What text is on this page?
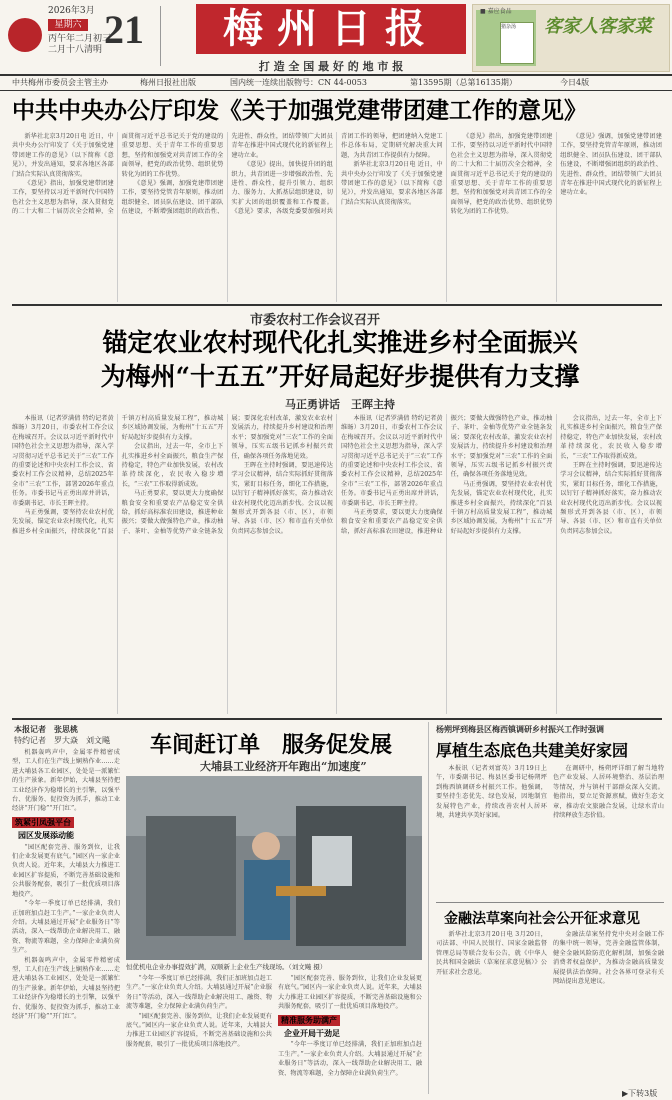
2026年3月
星期六
丙午年二月初三
二月十八清明 21	梅州日报
打 造 全 国 最 好 的 地 市 报
■ 嘉应食品
猪杂汤	客家人客家菜
中共梅州市委员会主管主办	梅州日报社出版	国内统一连续出版物号：CN 44-0053	第13595期（总第16135期）	今日4版
中共中央办公厅印发《关于加强党建带团建工作的意见》

新华社北京3月20日电 近日，中共中央办公厅印发了《关于加强党建带团建工作的意见》（以下简称《意见》），并发出通知，要求各地区各部门结合实际认真贯彻落实。

《意见》指出，加强党建带团建工作，要坚持以习近平新时代中国特色社会主义思想为指导，深入贯彻党的二十大和二十届历次全会精神，全面贯彻习近平总书记关于党的建设的重要思想、关于青年工作的重要思想，坚持和加强党对共青团工作的全面领导，把党的政治优势、组织优势转化为团的工作优势。

《意见》强调，加强党建带团建工作，要坚持党管青年原则，推动团组织健全、团员队伍建设、团干部队伍建设，不断增强团组织的政治性、先进性、群众性，团结带领广大团员青年在推进中国式现代化的新征程上建功立业。

《意见》提出，加快提升团的组织力，共青团进一步增强政治性、先进性、群众性，提升引领力、组织力、服务力、大抓基层组织建设，切实扩大团的组织覆盖和工作覆盖。《意见》要求，各级党委要加强对共青团工作的领导，把团建纳入党建工作总体布局，定期研究解决重大问题，为共青团工作提供有力保障。

新华社北京3月20日电 近日，中共中央办公厅印发了《关于加强党建带团建工作的意见》（以下简称《意见》），并发出通知，要求各地区各部门结合实际认真贯彻落实。

《意见》指出，加强党建带团建工作，要坚持以习近平新时代中国特色社会主义思想为指导，深入贯彻党的二十大和二十届历次全会精神，全面贯彻习近平总书记关于党的建设的重要思想、关于青年工作的重要思想，坚持和加强党对共青团工作的全面领导，把党的政治优势、组织优势转化为团的工作优势。

《意见》强调，加强党建带团建工作，要坚持党管青年原则，推动团组织健全、团员队伍建设、团干部队伍建设，不断增强团组织的政治性、先进性、群众性，团结带领广大团员青年在推进中国式现代化的新征程上建功立业。

市委农村工作会议召开
锚定农业农村现代化扎实推进乡村全面振兴
为梅州“十五五”开好局起好步提供有力支撑
马正勇讲话　王晖主持

本报讯（记者罗满倩 特约记者黄维旸）3月20日，市委农村工作会议在梅城召开。会议以习近平新时代中国特色社会主义思想为指导，深入学习贯彻习近平总书记关于“三农”工作的重要论述和中央农村工作会议、省委农村工作会议精神，总结2025年全市“三农”工作，部署2026年重点任务。市委书记马正勇出席并讲话，市委副书记、市长王晖主持。

马正勇强调，要坚持农业农村优先发展，锚定农业农村现代化，扎实推进乡村全面振兴，持续深化“百县千镇万村高质量发展工程”，推动城乡区域协调发展，为梅州“十五五”开好局起好步提供有力支撑。

会议指出，过去一年，全市上下扎实推进乡村全面振兴，粮食生产保持稳定，特色产业加快发展，农村改革持续深化，农民收入稳步增长，“三农”工作取得新成效。

马正勇要求，要以更大力度确保粮食安全和重要农产品稳定安全供给，抓好高标准农田建设，推进种业振兴；要做大做强特色产业，推动柚子、茶叶、金柚等优势产业全链条发展；要深化农村改革，激发农业农村发展活力，持续提升乡村建设和治理水平；要加强党对“三农”工作的全面领导，压实五级书记抓乡村振兴责任，确保各项任务落地见效。

王晖在主持时强调，要迅速传达学习会议精神，结合实际抓好贯彻落实，紧盯目标任务，细化工作措施，以钉钉子精神抓好落实，奋力推动农业农村现代化迈出新步伐。会议以视频形式开到各县（市、区），市领导、各县（市、区）和市直有关单位负责同志参加会议。

本报讯（记者罗满倩 特约记者黄维旸）3月20日，市委农村工作会议在梅城召开。会议以习近平新时代中国特色社会主义思想为指导，深入学习贯彻习近平总书记关于“三农”工作的重要论述和中央农村工作会议、省委农村工作会议精神，总结2025年全市“三农”工作，部署2026年重点任务。市委书记马正勇出席并讲话，市委副书记、市长王晖主持。

马正勇要求，要以更大力度确保粮食安全和重要农产品稳定安全供给，抓好高标准农田建设，推进种业振兴；要做大做强特色产业，推动柚子、茶叶、金柚等优势产业全链条发展；要深化农村改革，激发农业农村发展活力，持续提升乡村建设和治理水平；要加强党对“三农”工作的全面领导，压实五级书记抓乡村振兴责任，确保各项任务落地见效。

马正勇强调，要坚持农业农村优先发展，锚定农业农村现代化，扎实推进乡村全面振兴，持续深化“百县千镇万村高质量发展工程”，推动城乡区域协调发展，为梅州“十五五”开好局起好步提供有力支撑。

会议指出，过去一年，全市上下扎实推进乡村全面振兴，粮食生产保持稳定，特色产业加快发展，农村改革持续深化，农民收入稳步增长，“三农”工作取得新成效。

王晖在主持时强调，要迅速传达学习会议精神，结合实际抓好贯彻落实，紧盯目标任务，细化工作措施，以钉钉子精神抓好落实，奋力推动农业农村现代化迈出新步伐。会议以视频形式开到各县（市、区），市领导、各县（市、区）和市直有关单位负责同志参加会议。

本报记者　张思桃
特约记者　罗大焱　刘文飚 车间赶订单　服务促发展
大埔县工业经济开年跑出“加速度”

机器轰鸣声中，金属零件精密成型，工人们在生产线上娴熟作业……走进大埔县各工业园区，处处是一派繁忙的生产景象。新年伊始，大埔县坚持把工业经济作为稳增长的主引擎，以强平台、优服务、促投资为抓手，推动工业经济“开门稳”“开门红”。

筑紧引凤强平台
园区发展添动能

“园区配套完善、服务到位，让我们企业发展更有底气。”园区内一家企业负责人说。近年来，大埔县大力推进工业园区扩容提质，不断完善基础设施和公共服务配套，吸引了一批优质项目落地投产。

“今年一季度订单已经排满，我们正加班加点赶工生产。”一家企业负责人介绍。大埔县通过开展“企业服务日”等活动，深入一线帮助企业解决用工、融资、物流等难题，全力保障企业满负荷生产。

机器轰鸣声中，金属零件精密成型，工人们在生产线上娴熟作业……走进大埔县各工业园区，处处是一派繁忙的生产景象。新年伊始，大埔县坚持把工业经济作为稳增长的主引擎，以强平台、优服务、促投资为抓手，推动工业经济“开门稳”“开门红”。

恒优机电企业办事提效扩满，双顺新上企业生产线现场。（刘文飚 摄）

“今年一季度订单已经排满，我们正加班加点赶工生产。”一家企业负责人介绍。大埔县通过开展“企业服务日”等活动，深入一线帮助企业解决用工、融资、物流等难题，全力保障企业满负荷生产。

“园区配套完善、服务到位，让我们企业发展更有底气。”园区内一家企业负责人说。近年来，大埔县大力推进工业园区扩容提质，不断完善基础设施和公共服务配套，吸引了一批优质项目落地投产。

“园区配套完善、服务到位，让我们企业发展更有底气。”园区内一家企业负责人说。近年来，大埔县大力推进工业园区扩容提质，不断完善基础设施和公共服务配套，吸引了一批优质项目落地投产。

精准服务助满产
企业开局干劲足

“今年一季度订单已经排满，我们正加班加点赶工生产。”一家企业负责人介绍。大埔县通过开展“企业服务日”等活动，深入一线帮助企业解决用工、融资、物流等难题，全力保障企业满负荷生产。

杨朔坪到梅县区梅西镇调研乡村振兴工作时强调
厚植生态底色共建美好家园

本报讯（记者刘富英）3月19日上午，市委副书记、梅县区委书记杨朔坪到梅西镇调研乡村振兴工作。他强调，要坚持生态优先、绿色发展，因地制宜发展特色产业，持续改善农村人居环境，共建共享美好家园。

在调研中，杨朔坪详细了解当地特色产业发展、人居环境整治、基层治理等情况，并与镇村干部群众深入交流。他指出，要立足资源禀赋，做好生态文章，推动农文旅融合发展，让绿水青山持续释放生态价值。

金融法草案向社会公开征求意见

新华社北京3月20日电 3月20日，司法部、中国人民银行、国家金融监督管理总局等联合发布公告，就《中华人民共和国金融法（草案征求意见稿）》公开征求社会意见。

金融法草案坚持党中央对金融工作的集中统一领导，完善金融监管体制，健全金融风险防范化解机制，加强金融消费者权益保护，为推动金融高质量发展提供法治保障。社会各界可登录有关网站提出意见建议。

▶下转3版
